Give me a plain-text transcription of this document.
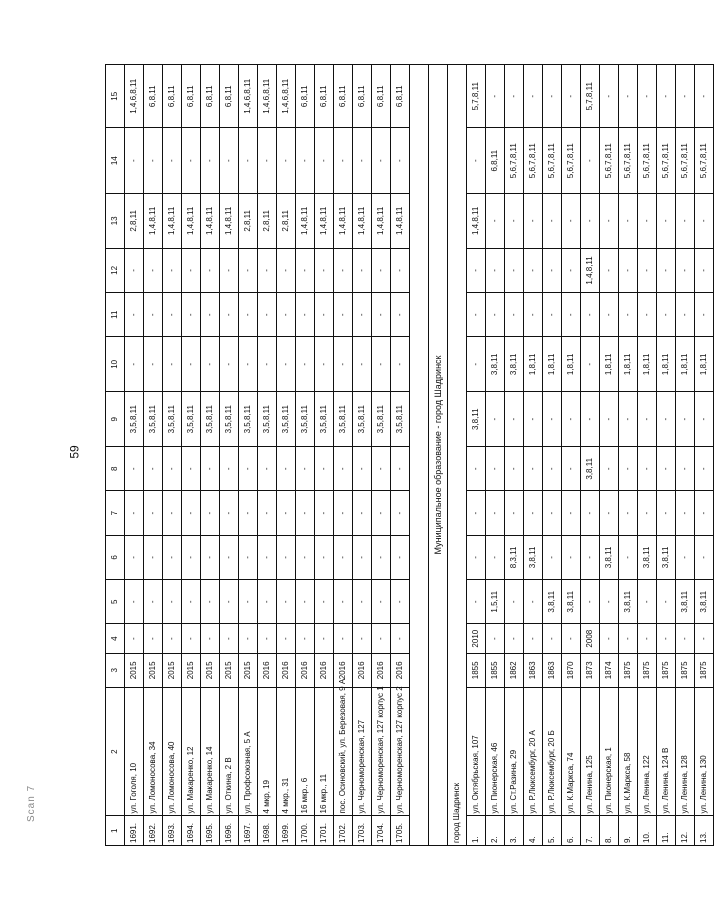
59
Scan 7
1	2	3	4	5	6	7	8	9	10	11	12	13	14	15
1691.	ул. Гоголя, 10	2015	-	-	-	-	-	3,5,8,11	-	-	-	2,8,11	-	1,4,6,8,11
1692.	ул. Ломоносова, 34	2015	-	-	-	-	-	3,5,8,11	-	-	-	1,4,8,11	-	6,8,11
1693.	ул. Ломоносова, 40	2015	-	-	-	-	-	3,5,8,11	-	-	-	1,4,8,11	-	6,8,11
1694.	ул. Макаренко, 12	2015	-	-	-	-	-	3,5,8,11	-	-	-	1,4,8,11	-	6,8,11
1695.	ул. Макаренко, 14	2015	-	-	-	-	-	3,5,8,11	-	-	-	1,4,8,11	-	6,8,11
1696.	ул. Откина, 2 В	2015	-	-	-	-	-	3,5,8,11	-	-	-	1,4,8,11	-	6,8,11
1697.	ул. Профсоюзная, 5 А	2015	-	-	-	-	-	3,5,8,11	-	-	-	2,8,11	-	1,4,6,8,11
1698.	4 мкр, 19	2016	-	-	-	-	-	3,5,8,11	-	-	-	2,8,11	-	1,4,6,8,11
1699.	4 мкр., 31	2016	-	-	-	-	-	3,5,8,11	-	-	-	2,8,11	-	1,4,6,8,11
1700.	16 мкр., 6	2016	-	-	-	-	-	3,5,8,11	-	-	-	1,4,8,11	-	6,8,11
1701.	16 мкр., 11	2016	-	-	-	-	-	3,5,8,11	-	-	-	1,4,8,11	-	6,8,11
1702.	пос. Осиновский, ул. Березовая, 9 А	2016	-	-	-	-	-	3,5,8,11	-	-	-	1,4,8,11	-	6,8,11
1703.	ул. Черноморенская, 127	2016	-	-	-	-	-	3,5,8,11	-	-	-	1,4,8,11	-	6,8,11
1704.	ул. Черноморенская, 127 корпус 1	2016	-	-	-	-	-	3,5,8,11	-	-	-	1,4,8,11	-	6,8,11
1705.	ул. Черноморенская, 127 корпус 2	2016	-	-	-	-	-	3,5,8,11	-	-	-	1,4,8,11	-	6,8,11

Муниципальное образование - город Шадринск														
город Шадринск														
1.	ул. Октябрьская, 107	1855	2010	-	-	-	-	3,8,11	-	-	-	1,4,8,11	-	5,7,8,11
2.	ул. Пионерская, 46	1855	-	1,5,11	-	-	-	-	3,8,11	-	-	-	6,8,11	-
3.	ул. Ст.Разина, 29	1862	-	-	8,3,11	-	-	-	3,8,11	-	-	-	5,6,7,8,11	-
4.	ул. Р.Люксембург, 20 А	1863	-	-	3,8,11	-	-	-	1,8,11	-	-	-	5,6,7,8,11	-
5.	ул. Р.Люксембург, 20 Б	1863	-	3,8,11	-	-	-	-	1,8,11	-	-	-	5,6,7,8,11	-
6.	ул. К.Маркса, 74	1870	-	3,8,11	-	-	-	-	1,8,11	-	-	-	5,6,7,8,11	-
7.	ул. Ленина, 125	1873	2008	-	-	-	3,8,11	-	-	-	1,4,8,11	-	-	5,7,8,11
8.	ул. Пионерская, 1	1874	-	-	3,8,11	-	-	-	1,8,11	-	-	-	5,6,7,8,11	-
9.	ул. К.Маркса, 58	1875	-	3,8,11	-	-	-	-	1,8,11	-	-	-	5,6,7,8,11	-
10.	ул. Ленина, 122	1875	-	-	3,8,11	-	-	-	1,8,11	-	-	-	5,6,7,8,11	-
11.	ул. Ленина, 124 В	1875	-	-	3,8,11	-	-	-	1,8,11	-	-	-	5,6,7,8,11	-
12.	ул. Ленина, 128	1875	-	3,8,11	-	-	-	-	1,8,11	-	-	-	5,6,7,8,11	-
13.	ул. Ленина, 130	1875	-	3,8,11	-	-	-	-	1,8,11	-	-	-	5,6,7,8,11	-
